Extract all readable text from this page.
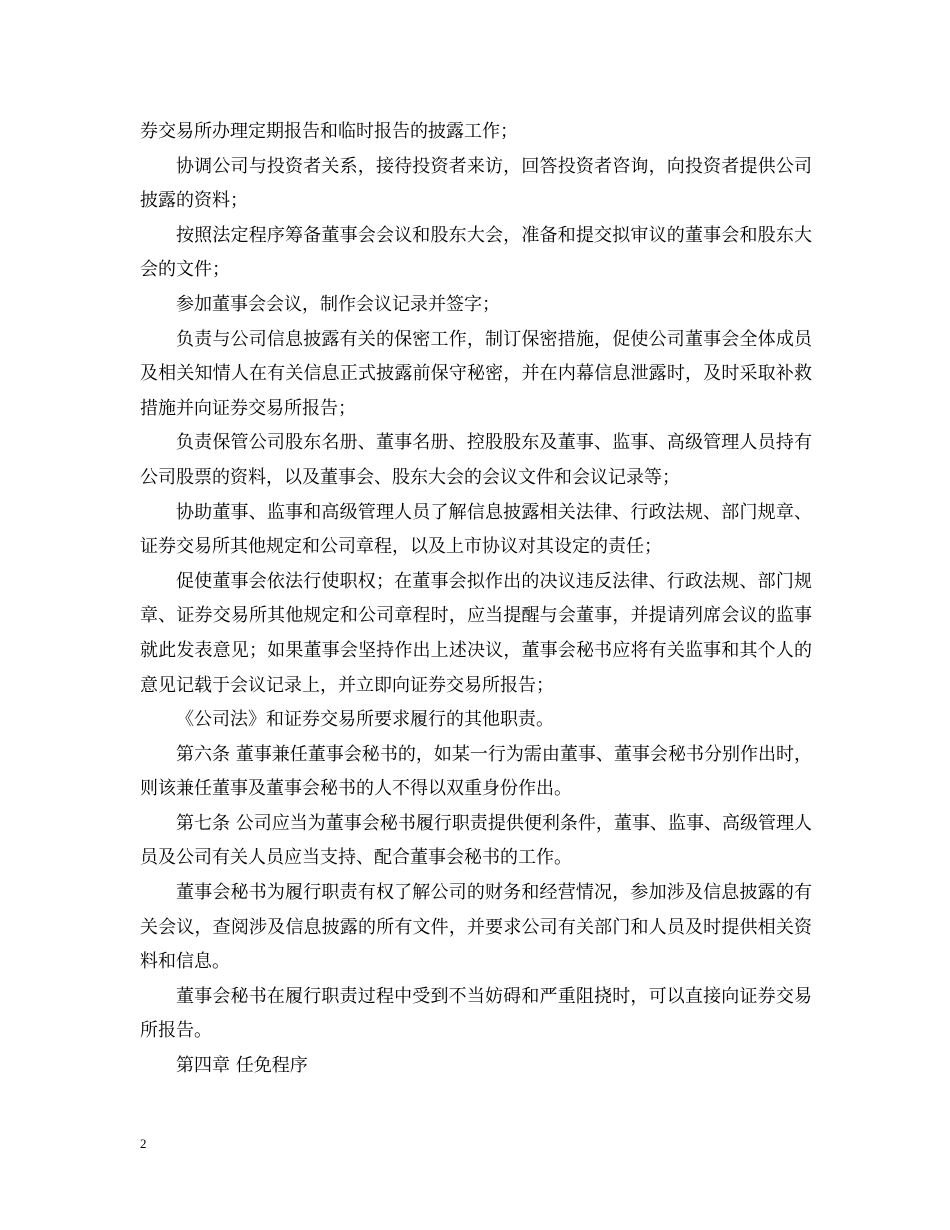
券交易所办理定期报告和临时报告的披露工作；

协调公司与投资者关系，接待投资者来访，回答投资者咨询，向投资者提供公司披露的资料；

按照法定程序筹备董事会会议和股东大会，准备和提交拟审议的董事会和股东大会的文件；

参加董事会会议，制作会议记录并签字；

负责与公司信息披露有关的保密工作，制订保密措施，促使公司董事会全体成员及相关知情人在有关信息正式披露前保守秘密，并在内幕信息泄露时，及时采取补救措施并向证券交易所报告；

负责保管公司股东名册、董事名册、控股股东及董事、监事、高级管理人员持有公司股票的资料，以及董事会、股东大会的会议文件和会议记录等；

协助董事、监事和高级管理人员了解信息披露相关法律、行政法规、部门规章、证券交易所其他规定和公司章程，以及上市协议对其设定的责任；

促使董事会依法行使职权；在董事会拟作出的决议违反法律、行政法规、部门规章、证券交易所其他规定和公司章程时，应当提醒与会董事，并提请列席会议的监事就此发表意见；如果董事会坚持作出上述决议，董事会秘书应将有关监事和其个人的意见记载于会议记录上，并立即向证券交易所报告；

《公司法》和证券交易所要求履行的其他职责。

第六条 董事兼任董事会秘书的，如某一行为需由董事、董事会秘书分别作出时，则该兼任董事及董事会秘书的人不得以双重身份作出。

第七条 公司应当为董事会秘书履行职责提供便利条件，董事、监事、高级管理人员及公司有关人员应当支持、配合董事会秘书的工作。

董事会秘书为履行职责有权了解公司的财务和经营情况，参加涉及信息披露的有关会议，查阅涉及信息披露的所有文件，并要求公司有关部门和人员及时提供相关资料和信息。

董事会秘书在履行职责过程中受到不当妨碍和严重阻挠时，可以直接向证券交易所报告。

第四章 任免程序

2
